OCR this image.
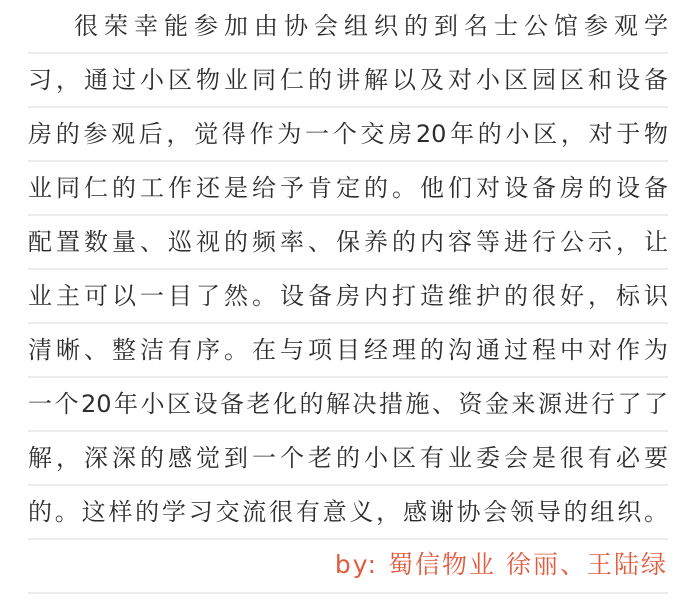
很荣幸能参加由协会组织的到名士公馆参观学
习，通过小区物业同仁的讲解以及对小区园区和设备
房的参观后，觉得作为一个交房20年的小区，对于物
业同仁的工作还是给予肯定的。他们对设备房的设备
配置数量、巡视的频率、保养的内容等进行公示，让
业主可以一目了然。设备房内打造维护的很好，标识
清晰、整洁有序。在与项目经理的沟通过程中对作为
一个20年小区设备老化的解决措施、资金来源进行了了
解，深深的感觉到一个老的小区有业委会是很有必要
的。这样的学习交流很有意义，感谢协会领导的组织。
by: 蜀信物业 徐丽、王陆绿
